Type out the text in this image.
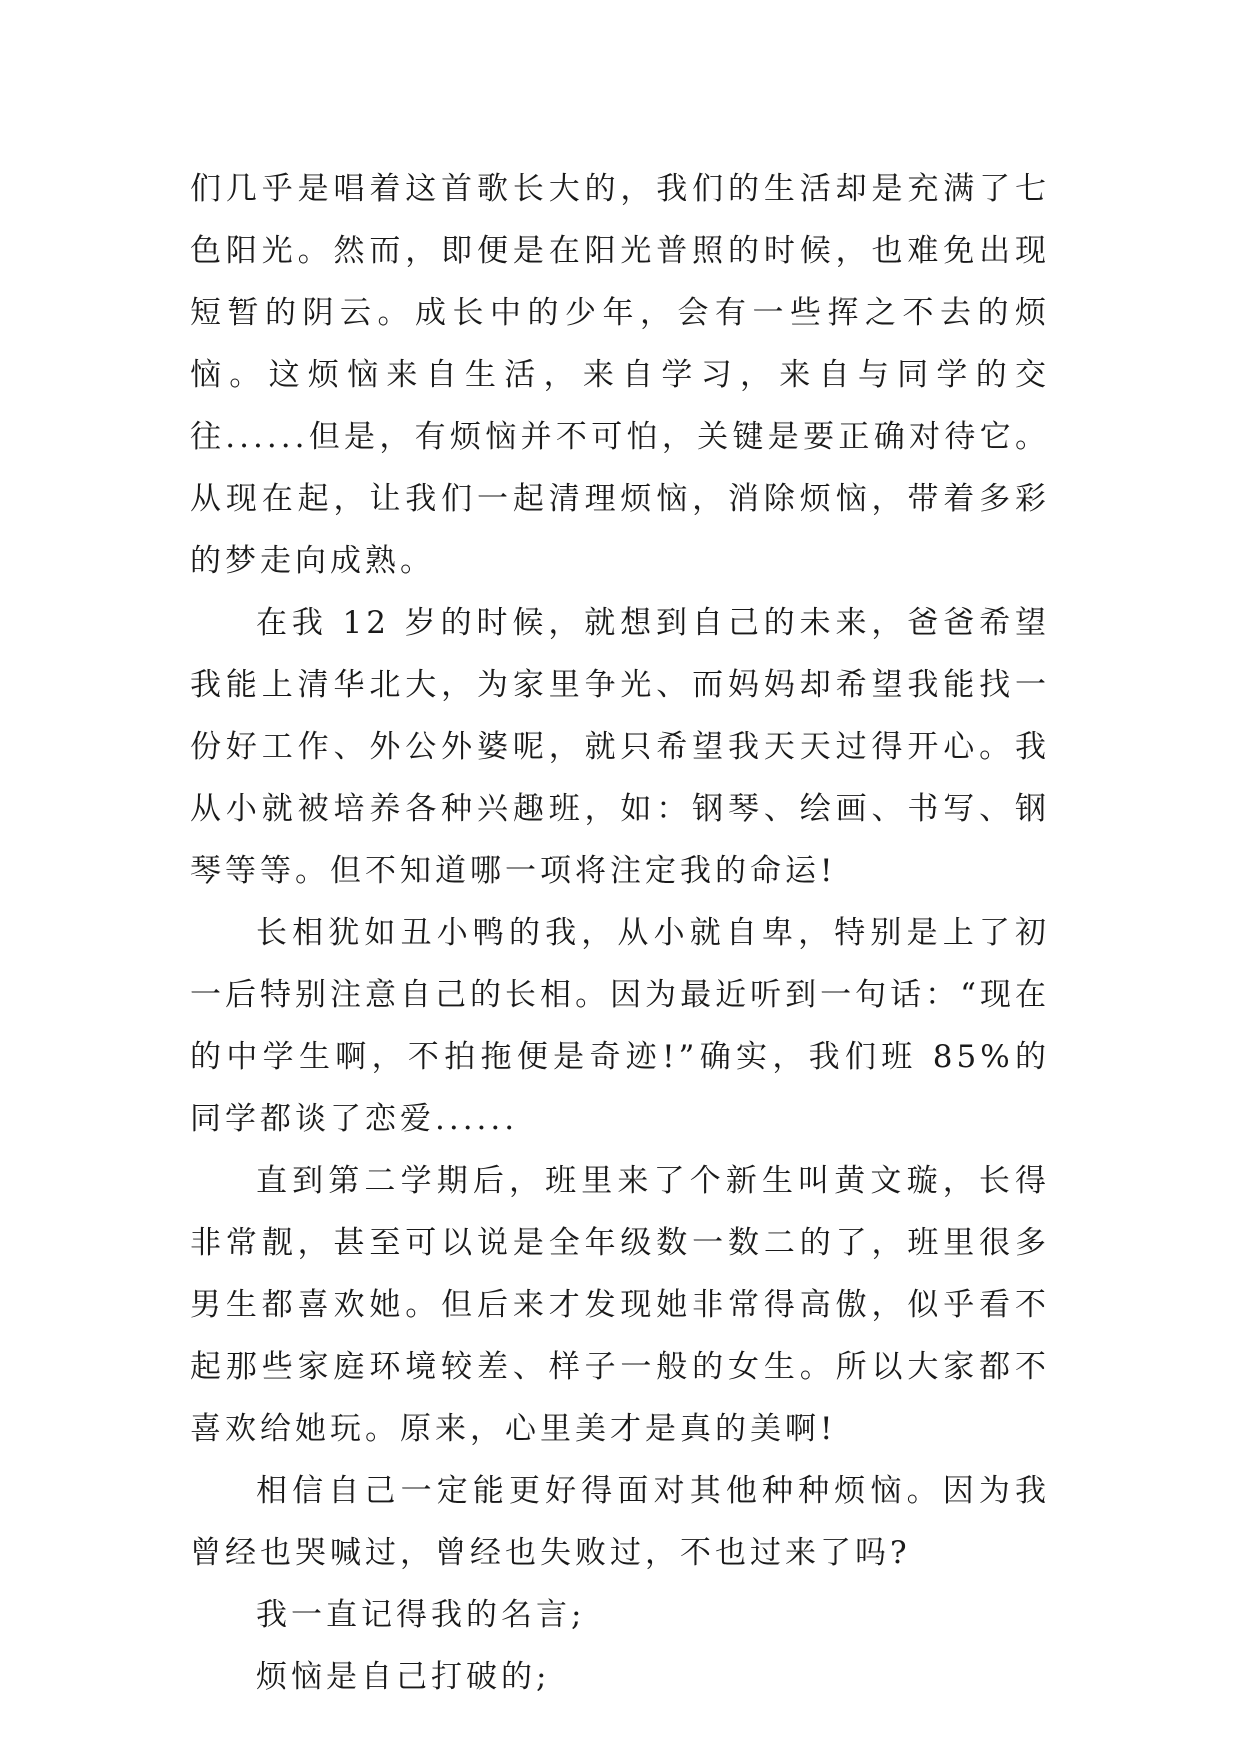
们几乎是唱着这首歌长大的，我们的生活却是充满了七色阳光。然而，即便是在阳光普照的时候，也难免出现短暂的阴云。成长中的少年，会有一些挥之不去的烦恼。这烦恼来自生活，来自学习，来自与同学的交往......但是，有烦恼并不可怕，关键是要正确对待它。从现在起，让我们一起清理烦恼，消除烦恼，带着多彩的梦走向成熟。

在我 12 岁的时候，就想到自己的未来，爸爸希望我能上清华北大，为家里争光、而妈妈却希望我能找一份好工作、外公外婆呢，就只希望我天天过得开心。我从小就被培养各种兴趣班，如：钢琴、绘画、书写、钢琴等等。但不知道哪一项将注定我的命运!

长相犹如丑小鸭的我，从小就自卑，特别是上了初一后特别注意自己的长相。因为最近听到一句话：“现在的中学生啊，不拍拖便是奇迹!”确实，我们班 85%的同学都谈了恋爱......

直到第二学期后，班里来了个新生叫黄文璇，长得非常靓，甚至可以说是全年级数一数二的了，班里很多男生都喜欢她。但后来才发现她非常得高傲，似乎看不起那些家庭环境较差、样子一般的女生。所以大家都不喜欢给她玩。原来，心里美才是真的美啊!

相信自己一定能更好得面对其他种种烦恼。因为我曾经也哭喊过，曾经也失败过，不也过来了吗?

我一直记得我的名言;

烦恼是自己打破的;
